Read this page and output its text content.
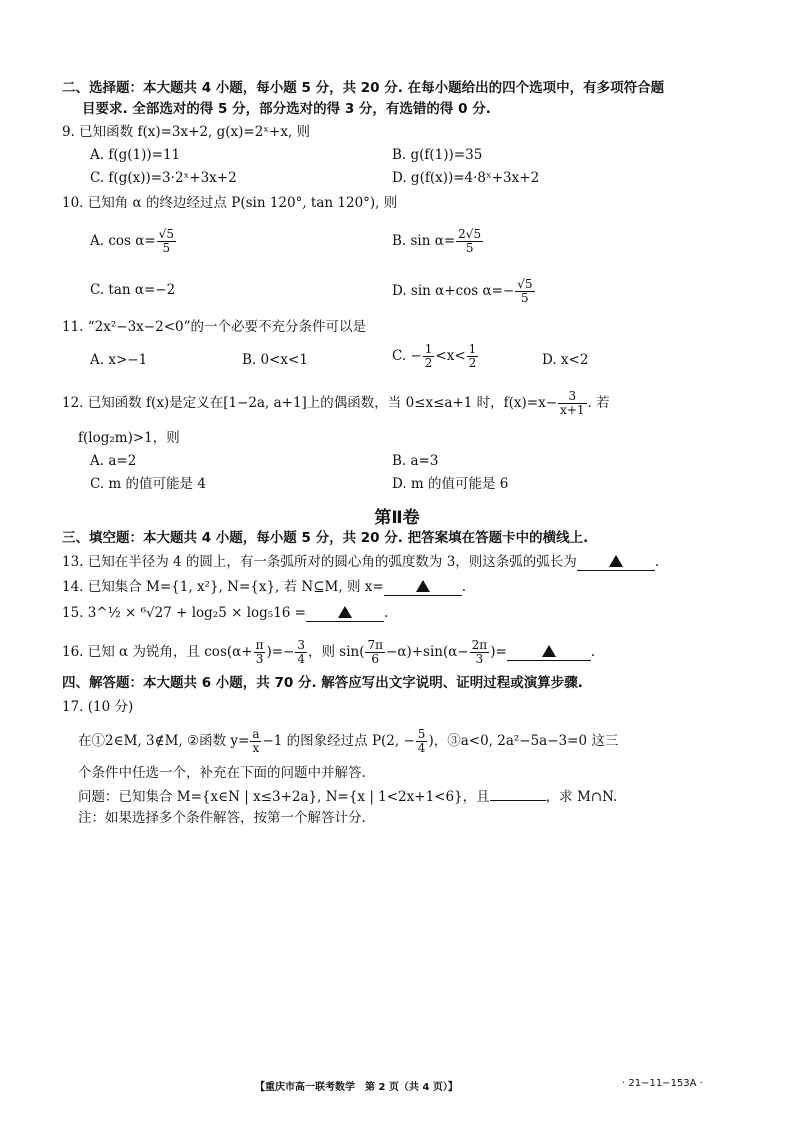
二、选择题：本大题共 4 小题，每小题 5 分，共 20 分. 在每小题给出的四个选项中，有多项符合题
目要求. 全部选对的得 5 分，部分选对的得 3 分，有选错的得 0 分.
9. 已知函数 f(x)=3x+2, g(x)=2ˣ+x, 则
A. f(g(1))=11	B. g(f(1))=35
C. f(g(x))=3·2ˣ+3x+2	D. g(f(x))=4·8ˣ+3x+2
10. 已知角 α 的终边经过点 P(sin 120°, tan 120°), 则
A. $\cos \alpha= \frac{√5}{5}$	B. $\sin \alpha= \frac{2√5}{5}$
C. tan α=−2	D. sin α+cos $\alpha=- \frac{√5}{5}$
11. “2x²−3x−2<0”的一个必要不充分条件可以是
A. x>−1	B. 0<x<1	C. − $\frac{1}{2} <x< \frac{1}{2}$	D. x<2
12. 已知函数 f(x)是定义在[1−2a, a+1]上的偶函数，当 0≤x≤a+1 时，$f(x)=x- \frac{3}{x+1}$ . 若
f(log₂m)>1，则
A. a=2	B. a=3
C. m 的值可能是 4	D. m 的值可能是 6
第Ⅱ卷
三、填空题：本大题共 4 小题，每小题 5 分，共 20 分. 把答案填在答题卡中的横线上.
13. 已知在半径为 4 的圆上，有一条弧所对的圆心角的弧度数为 3，则这条弧的弧长为	.
14. 已知集合 M={1, x²}, N={x}, 若 N⊆M, 则 x=	.
15. 3^½ × ⁶√27 + log₂5 × log₅16 =	.
16. 已知 α 为锐角，且 $\cos(\alpha+ \frac{\pi}{3}$ )=− $\frac{3}{4}$ ，则 $\sin( \frac{7\pi}{6} -\alpha)+\sin(\alpha- \frac{2\pi}{3}$ )=	.
四、解答题：本大题共 6 小题，共 70 分. 解答应写出文字说明、证明过程或演算步骤.
17. (10 分)
在①2∈M, 3∉M, ②函数 $y= \frac{a}{x} -1$ 的图象经过点 P(2, − $\frac{5}{4}$ )，③a<0, 2a²−5a−3=0 这三
个条件中任选一个，补充在下面的问题中并解答.
问题：已知集合 M={x∈N | x≤3+2a}, N={x | 1<2x+1<6}，且	，求 M∩N.
注：如果选择多个条件解答，按第一个解答计分.
【重庆市高一联考数学　第 2 页（共 4 页）】	· 21−11−153A ·
